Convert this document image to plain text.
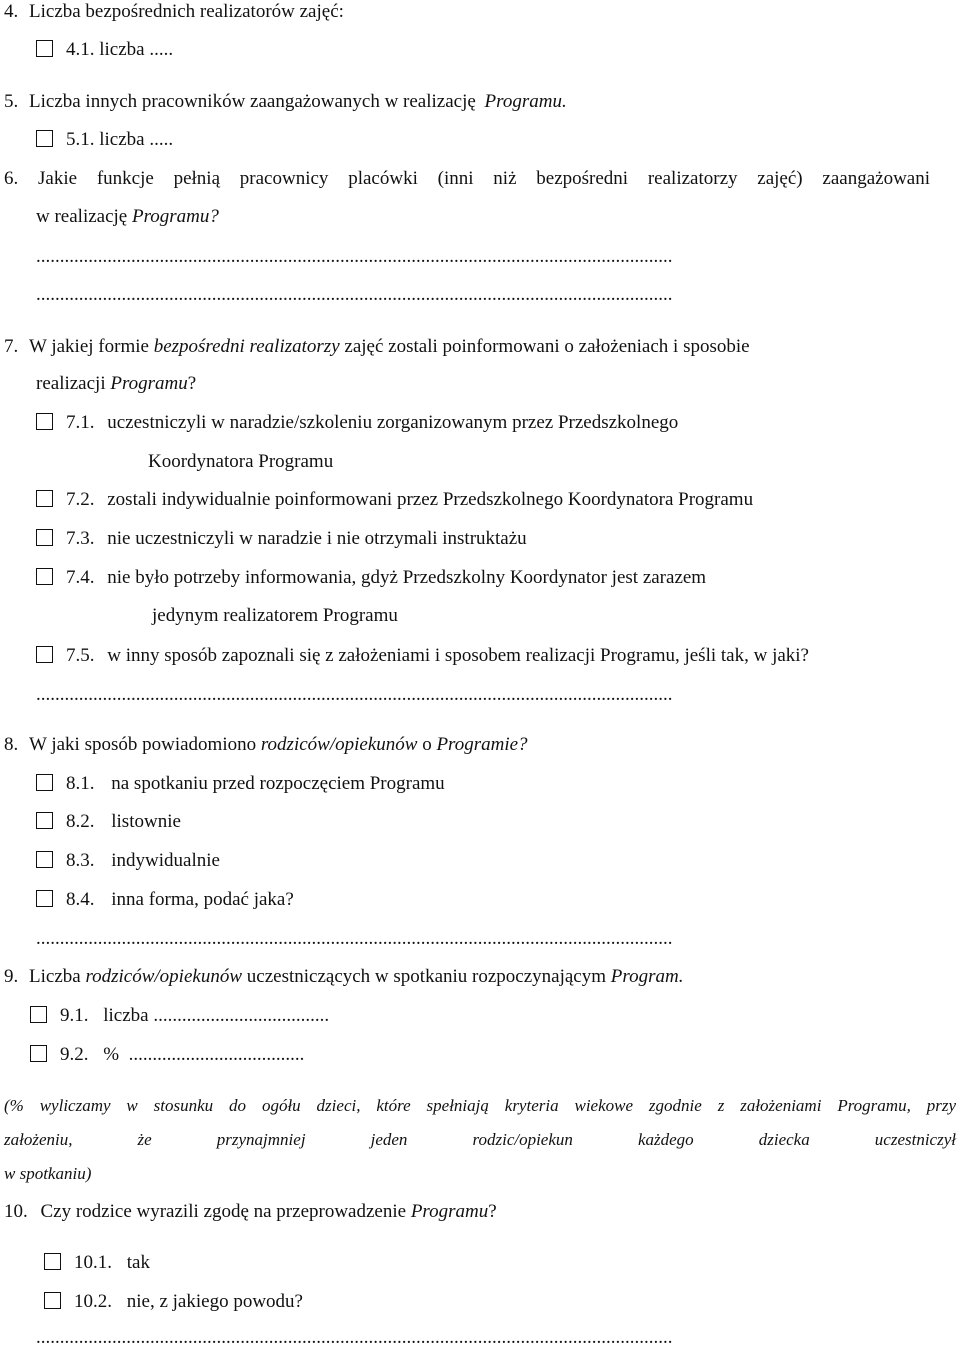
4. Liczba bezpośrednich realizatorów zajęć:
4.1. liczba .....
5. Liczba innych pracowników zaangażowanych w realizację Programu.
5.1. liczba .....
6. Jakie funkcje pełnią pracownicy placówki (inni niż bezpośredni realizatorzy zajęć) zaangażowani
w realizację Programu?
......................................................................................................................................
......................................................................................................................................
7. W jakiej formie bezpośredni realizatorzy zajęć zostali poinformowani o założeniach i sposobie
realizacji Programu?
7.1. uczestniczyli w naradzie/szkoleniu zorganizowanym przez Przedszkolnego
Koordynatora Programu
7.2. zostali indywidualnie poinformowani przez Przedszkolnego Koordynatora Programu
7.3. nie uczestniczyli w naradzie i nie otrzymali instruktażu
7.4. nie było potrzeby informowania, gdyż Przedszkolny Koordynator jest zarazem
jedynym realizatorem Programu
7.5. w inny sposób zapoznali się z założeniami i sposobem realizacji Programu, jeśli tak, w jaki?
......................................................................................................................................
8. W jaki sposób powiadomiono rodziców/opiekunów o Programie?
8.1. na spotkaniu przed rozpoczęciem Programu
8.2. listownie
8.3. indywidualnie
8.4. inna forma, podać jaka?
......................................................................................................................................
9. Liczba rodziców/opiekunów uczestniczących w spotkaniu rozpoczynającym Program.
9.1. liczba .....................................
9.2. %  .....................................
(% wyliczamy w stosunku do ogółu dzieci, które spełniają kryteria wiekowe zgodnie z założeniami Programu, przy
założeniu, że przynajmniej jeden rodzic/opiekun każdego dziecka uczestniczył
w spotkaniu)
10. Czy rodzice wyrazili zgodę na przeprowadzenie Programu?
10.1. tak
10.2. nie, z jakiego powodu?
......................................................................................................................................
